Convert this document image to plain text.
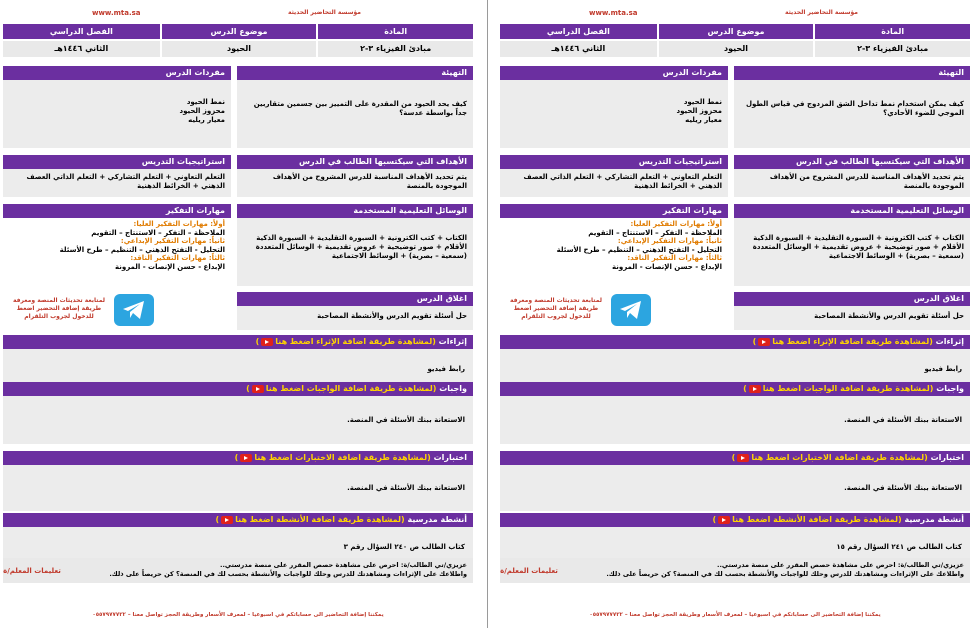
مؤسسة التحاضير الحديثة
www.mta.sa
المادة
موضوع الدرس
الفصل الدراسي
مبادئ الفيزياء ٣-٢
الحيود
الثاني ١٤٤٦هـ
التهيئة
كيف يحد الحيود من المقدرة على التمييز بين جسمين متقاربين جداً بواسطة عدسة؟
مفردات الدرس
نمط الحيود
محزوز الحيود
معيار ريليه
الأهداف التي سيكتسبها الطالب في الدرس
يتم تحديد الأهداف المناسبة للدرس المشروح من الأهداف الموجودة بالمنصة
استراتيجيات التدريس
التعلم التعاوني + التعلم التشاركي + التعلم الذاتي العصف الذهني + الخرائط الذهنية
الوسائل التعليمية المستخدمة
الكتاب + كتب الكترونية + السبورة التقليدية + السبورة الذكية الأقلام + صور توضيحية + عروض تقديمية + الوسائل المتعددة (سمعية – بصرية) + الوسائط الاجتماعية
مهارات التفكير
أولاً: مهارات التفكير العليا:
الملاحظة – التفكر – الاستنتاج – التقويم
ثانياً: مهارات التفكير الإبداعي:
التحليل - التفتح الذهني – التنظيم – طرح الأسئلة
ثالثاً: مهارات التفكير الناقد:
الإبداع - حسن الإنصات - المرونة
اغلاق الدرس
حل أسئلة تقويم الدرس والأنشطة المصاحبة
لمتابعة تحديثات المنصة ومعرفة طريقة إضافة التحضير اضغط للدخول لجروب التلقرام
إثراءات (لمشاهدة طريقة اضافة الإثراء اضغط هنا)
رابط فيديو
واجبات (لمشاهدة طريقة اضافة الواجبات اضغط هنا)
الاستعانة ببنك الأسئلة في المنصة.
اختبارات (لمشاهدة طريقة اضافة الاختبارات اضغط هنا)
الاستعانة ببنك الأسئلة في المنصة.
أنشطة مدرسية (لمشاهدة طريقة اضافة الأنشطة اضغط هنا)
كتاب الطالب ص ٢٤٠ السؤال رقم ٣
عزيزي/تي الطالب/ة: احرص على مشاهدة حصص المقرر على منصة مدرستي..
واطلاعك على الإثراءات ومشاهدتك للدرس وحلك للواجبات والأنشطة بحسب لك في المنصة؟ كن حريصاً على ذلك.
تعليمات المعلم/ة
يمكننا إضافة التحاضير الى حساباتكم في اسبوعيا – لمعرف الأسعار وطريقة الحجز تواصل معنا – ٠٥٥٧٩٧٧٧٢٢
مؤسسة التحاضير الحديثة
www.mta.sa
المادة
موضوع الدرس
الفصل الدراسي
مبادئ الفيزياء ٣-٢
الحيود
الثاني ١٤٤٦هـ
التهيئة
كيف يمكن استخدام نمط تداخل الشق المزدوج في قياس الطول الموجي للضوء الأحادي؟
مفردات الدرس
نمط الحيود
محزوز الحيود
معيار ريليه
الأهداف التي سيكتسبها الطالب في الدرس
يتم تحديد الأهداف المناسبة للدرس المشروح من الأهداف الموجودة بالمنصة
استراتيجيات التدريس
التعلم التعاوني + التعلم التشاركي + التعلم الذاتي العصف الذهني + الخرائط الذهنية
الوسائل التعليمية المستخدمة
الكتاب + كتب الكترونية + السبورة التقليدية + السبورة الذكية الأقلام + صور توضيحية + عروض تقديمية + الوسائل المتعددة (سمعية – بصرية) + الوسائط الاجتماعية
مهارات التفكير
أولاً: مهارات التفكير العليا:
الملاحظة – التفكر – الاستنتاج – التقويم
ثانياً: مهارات التفكير الإبداعي:
التحليل - التفتح الذهني – التنظيم – طرح الأسئلة
ثالثاً: مهارات التفكير الناقد:
الإبداع - حسن الإنصات - المرونة
اغلاق الدرس
حل أسئلة تقويم الدرس والأنشطة المصاحبة
لمتابعة تحديثات المنصة ومعرفة طريقة إضافة التحضير اضغط للدخول لجروب التلقرام
إثراءات (لمشاهدة طريقة اضافة الإثراء اضغط هنا)
رابط فيديو
واجبات (لمشاهدة طريقة اضافة الواجبات اضغط هنا)
الاستعانة ببنك الأسئلة في المنصة.
اختبارات (لمشاهدة طريقة اضافة الاختبارات اضغط هنا)
الاستعانة ببنك الأسئلة في المنصة.
أنشطة مدرسية (لمشاهدة طريقة اضافة الأنشطة اضغط هنا)
كتاب الطالب ص ٢٤١ السؤال رقم ١٥
عزيزي/تي الطالب/ة: احرص على مشاهدة حصص المقرر على منصة مدرستي..
واطلاعك على الإثراءات ومشاهدتك للدرس وحلك للواجبات والأنشطة بحسب لك في المنصة؟ كن حريصاً على ذلك.
تعليمات المعلم/ة
يمكننا إضافة التحاضير الى حساباتكم في اسبوعيا – لمعرف الأسعار وطريقة الحجز تواصل معنا – ٠٥٥٧٩٧٧٧٢٢
